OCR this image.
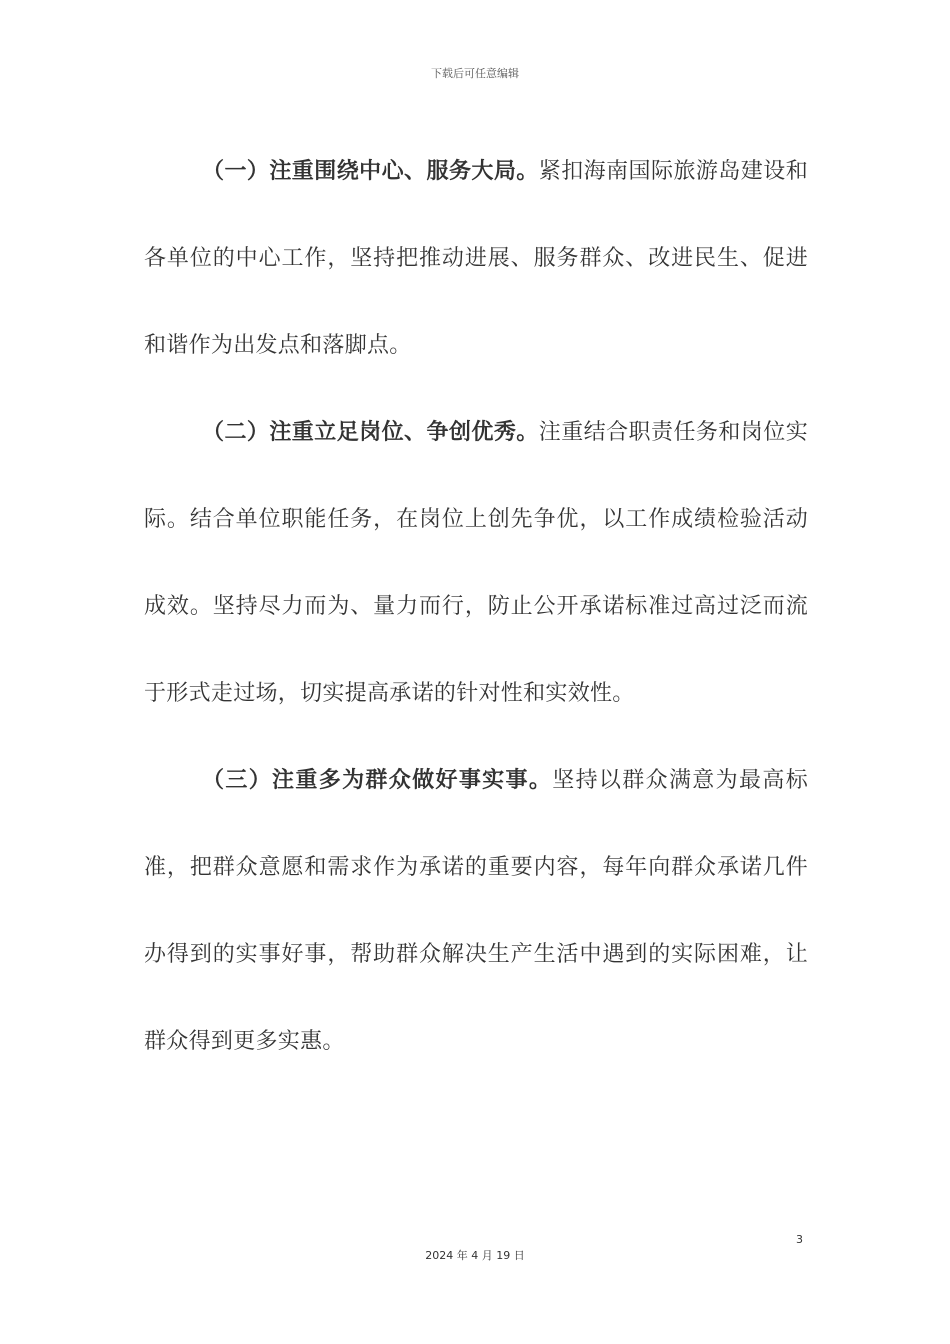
下载后可任意编辑

（一）注重围绕中心、服务大局。紧扣海南国际旅游岛建设和各单位的中心工作，坚持把推动进展、服务群众、改进民生、促进和谐作为出发点和落脚点。

（二）注重立足岗位、争创优秀。注重结合职责任务和岗位实际。结合单位职能任务，在岗位上创先争优，以工作成绩检验活动成效。坚持尽力而为、量力而行，防止公开承诺标准过高过泛而流于形式走过场，切实提高承诺的针对性和实效性。

（三）注重多为群众做好事实事。坚持以群众满意为最高标准，把群众意愿和需求作为承诺的重要内容，每年向群众承诺几件办得到的实事好事，帮助群众解决生产生活中遇到的实际困难，让群众得到更多实惠。

3
2024 年 4 月 19 日
